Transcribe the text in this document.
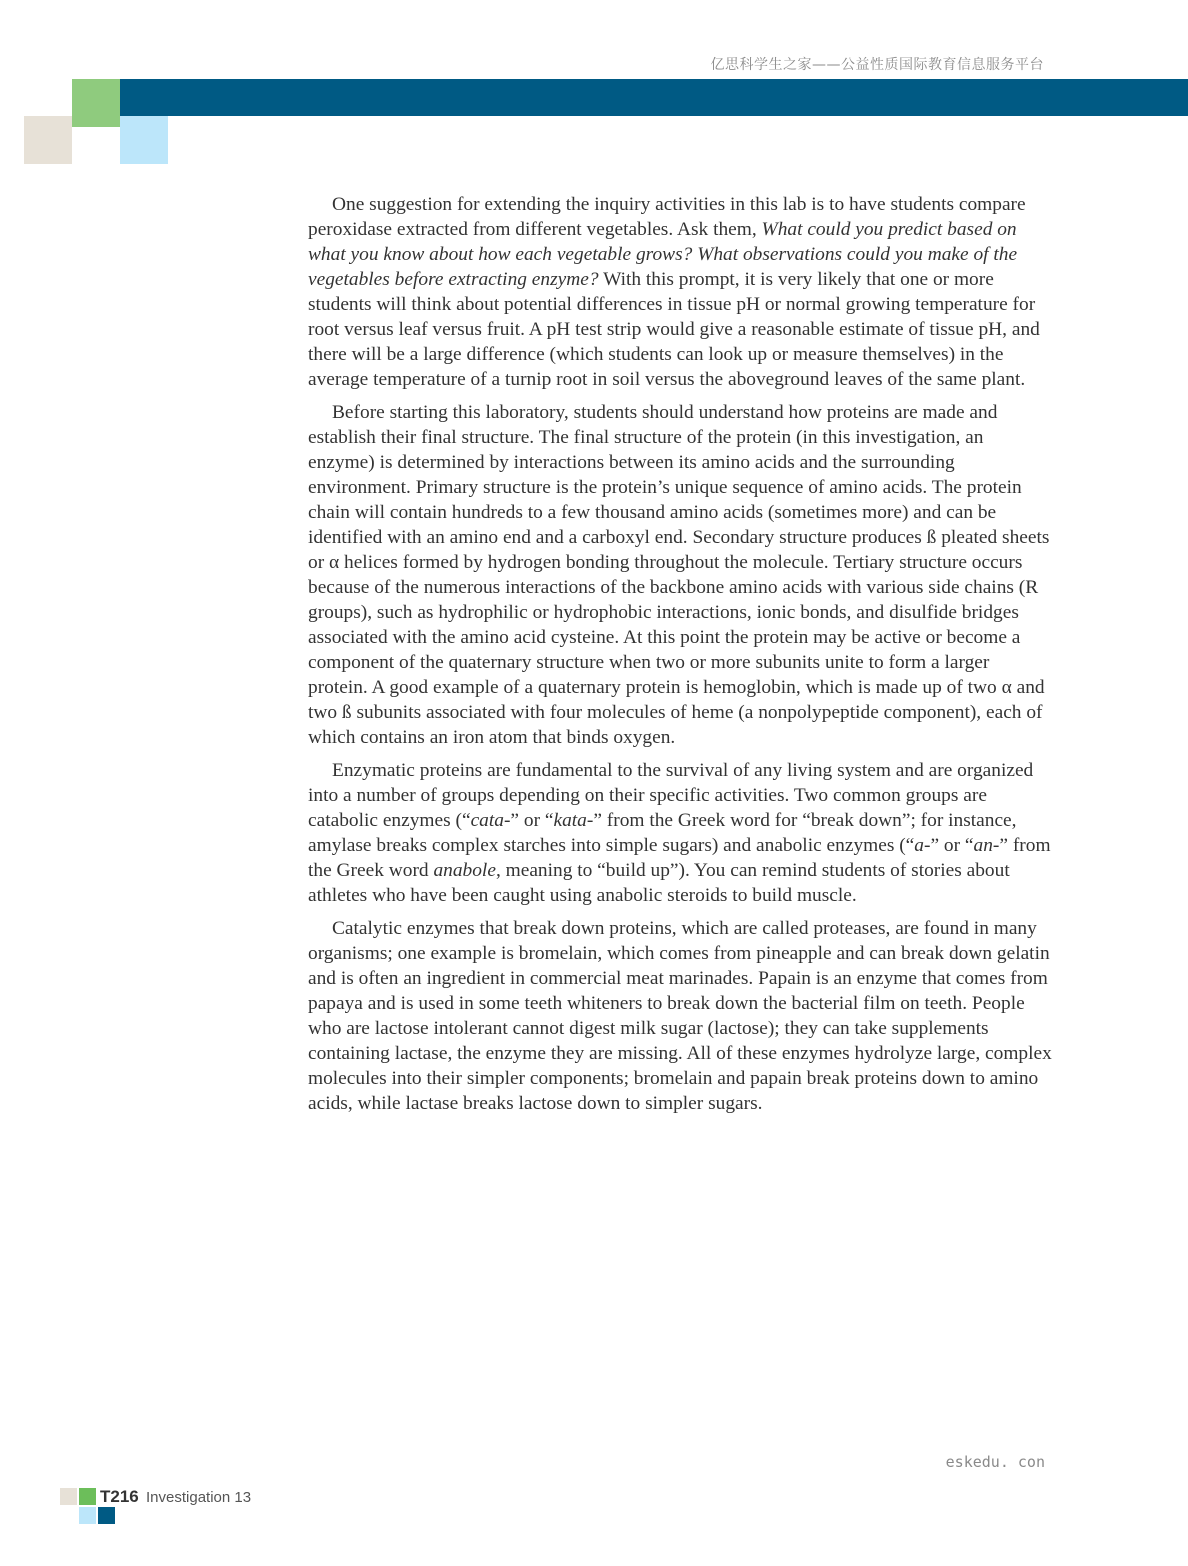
亿思科学生之家——公益性质国际教育信息服务平台

One suggestion for extending the inquiry activities in this lab is to have students compare peroxidase extracted from different vegetables. Ask them, What could you predict based on what you know about how each vegetable grows? What observations could you make of the vegetables before extracting enzyme? With this prompt, it is very likely that one or more students will think about potential differences in tissue pH or normal growing temperature for root versus leaf versus fruit. A pH test strip would give a reasonable estimate of tissue pH, and there will be a large difference (which students can look up or measure themselves) in the average temperature of a turnip root in soil versus the aboveground leaves of the same plant.

Before starting this laboratory, students should understand how proteins are made and establish their final structure. The final structure of the protein (in this investigation, an enzyme) is determined by interactions between its amino acids and the surrounding environment. Primary structure is the protein’s unique sequence of amino acids. The protein chain will contain hundreds to a few thousand amino acids (sometimes more) and can be identified with an amino end and a carboxyl end. Secondary structure produces ß pleated sheets or α helices formed by hydrogen bonding throughout the molecule. Tertiary structure occurs because of the numerous interactions of the backbone amino acids with various side chains (R groups), such as hydrophilic or hydrophobic interactions, ionic bonds, and disulfide bridges associated with the amino acid cysteine. At this point the protein may be active or become a component of the quaternary structure when two or more subunits unite to form a larger protein. A good example of a quaternary protein is hemoglobin, which is made up of two α and two ß subunits associated with four molecules of heme (a nonpolypeptide component), each of which contains an iron atom that binds oxygen.

Enzymatic proteins are fundamental to the survival of any living system and are organized into a number of groups depending on their specific activities. Two common groups are catabolic enzymes (“cata-” or “kata-” from the Greek word for “break down”; for instance, amylase breaks complex starches into simple sugars) and anabolic enzymes (“a-” or “an-” from the Greek word anabole, meaning to “build up”). You can remind students of stories about athletes who have been caught using anabolic steroids to build muscle.

Catalytic enzymes that break down proteins, which are called proteases, are found in many organisms; one example is bromelain, which comes from pineapple and can break down gelatin and is often an ingredient in commercial meat marinades. Papain is an enzyme that comes from papaya and is used in some teeth whiteners to break down the bacterial film on teeth. People who are lactose intolerant cannot digest milk sugar (lactose); they can take supplements containing lactase, the enzyme they are missing. All of these enzymes hydrolyze large, complex molecules into their simpler components; bromelain and papain break proteins down to amino acids, while lactase breaks lactose down to simpler sugars.

eskedu. con
T216 Investigation 13
